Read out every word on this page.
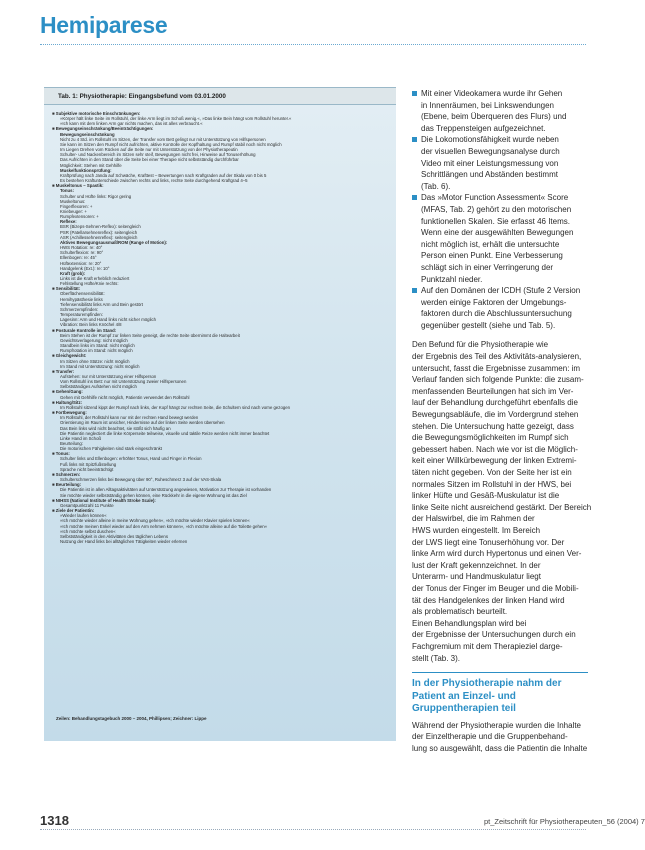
Hemiparese
Tab. 1: Physiotherapie: Eingangsbefund vom 03.01.2000
■ Subjektive motorische Einschränkungen:
»Körper hält linke Seite im Rollstuhl, der linke Arm liegt im Schoß wenig.«, »Das linke Bein hängt vom Rollstuhl herunter.«
»Ich kann mit dem linken Arm gar nichts machen, das ist alles verbraucht.«
■ Bewegungseinschränkung/Beeinträchtigungen:
Bewegungseinschränkung
Nicht zu 4 Std. im Rollstuhl im Sitzen, der Transfer vom Bett gelingt nur mit Unterstützung von Hilfspersonen
Sie kann im Sitzen den Rumpf nicht aufrichten, aktive Kontrolle der Kopfhaltung und Rumpf stabil noch nicht möglich
Im Liegen Drehen vom Rücken auf die Seite nur mit Unterstützung von der Physiotherapeutin
Schulter- und Nackenbereich im Sitzen sehr steif, Bewegungen nicht frei, Hinweise auf Tonuserhöhung
Das Aufrichten in den Stand über die Seite bei einer Therapie nicht selbstständig durchführbar
Möglichkeit: Stehen mit Gehhilfe
Muskelfunktionsprüfung:
Kraftprüfung nach Janda auf Schwäche, Krafttest – Bewertungen nach Kraftgraden auf der Skala von 0 bis 5
Es bestehen Kraftunterschiede zwischen rechts und links, rechte Seite durchgehend Kraftgrad 4–5
■ Muskeltonus – Spastik:
Tonus:
Schulter und Hüfte links: Rigor gering
Muskeltonus:
Fingerflexoren: +
Kniebeuger: +
Rumpfextensoren: +
Reflexe:
BSR (Bizeps-Sehnen-Reflex): seitengleich
PSR (Patellarsehnenreflex): seitengleich
ASR (Achillessehnenreflex): seitengleich
Aktives Bewegungsausmaß/ROM (Range of Motion):
HWS Rotation: re: 40°
Schulterflexion: re: 90°
Ellenbogen: re: 45°
Hüftextension: re: 20°
Handgelenk (Ext.): re: 10°
Kraft (grob):
Links ist die Kraft erheblich reduziert
Fehlstellung Hüfte/Knie rechts:
■ Sensibilität:
Oberflächensensibilität:
Hemihypästhesie links
Tiefensensibilität links Arm und Bein gestört
Schmerzempfinden:
Temperaturempfinden:
Lagesinn: Arm und Hand links nicht sicher möglich
Vibration: Bein links Knöchel 4/8
■ Posturale Kontrolle im Stand:
Beim Stehen ist der Rumpf zur linken Seite geneigt, die rechte Seite übernimmt die Haltearbeit
Gewichtsverlagerung: nicht möglich
Standbein links im Stand: nicht möglich
Rumpfrotation im Stand: nicht möglich
■ Gleichgewicht:
Im Sitzen ohne Stütze: nicht möglich
Im Stand mit Unterstützung: nicht möglich
■ Transfer:
Aufstehen: nur mit Unterstützung einer Hilfsperson
Vom Rollstuhl ins Bett: nur mit Unterstützung zweier Hilfspersonen
Selbstständiges Aufstehen nicht möglich
■ Gehen/Gang:
Gehen mit Gehhilfe nicht möglich, Patientin verwendet den Rollstuhl
■ Haltung/Sitz:
Im Rollstuhl sitzend kippt der Rumpf nach links, der Kopf hängt zur rechten Seite, die Schultern sind nach vorne gezogen
■ Fortbewegung:
Im Rollstuhl, der Rollstuhl kann nur mit der rechten Hand bewegt werden
Orientierung im Raum ist unsicher, Hindernisse auf der linken Seite werden übersehen
Das Bein links wird nicht beachtet, sie stößt sich häufig an
Die Patientin neglectiert die linke Körperseite teilweise, visuelle und taktile Reize werden nicht immer beachtet
Linke Hand im Schoß
Beurteilung:
Die motorischen Fähigkeiten sind stark eingeschränkt
■ Tonus:
Schulter links und Ellenbogen: erhöhter Tonus, Hand und Finger in Flexion
Fuß links mit Spitzfußstellung
Sprache nicht beeinträchtigt
■ Schmerzen:
Schulterschmerzen links bei Bewegung über 90°, Ruheschmerz 3 auf der VAS-Skala
■ Beurteilung:
Die Patientin ist in allen Alltagsaktivitäten auf Unterstützung angewiesen, Motivation zur Therapie ist vorhanden
Sie möchte wieder selbstständig gehen können, eine Rückkehr in die eigene Wohnung ist das Ziel
■ NIHSS (National Institute of Health Stroke Scale):
Gesamtpunktzahl 11 Punkte
■ Ziele der Patientin:
»Wieder laufen können«
»Ich möchte wieder alleine in meine Wohnung gehen«, »Ich möchte wieder Klavier spielen können«
»Ich möchte meinen Enkel wieder auf den Arm nehmen können«, »Ich möchte alleine auf die Toilette gehen«
»Ich möchte selbst duschen«
Selbstständigkeit in den Aktivitäten des täglichen Lebens
Nutzung der Hand links bei alltäglichen Tätigkeiten wieder erlernen
Zeilen: Behandlungstagebuch 2000 – 2004, Phillipsen; Zeichner: Lippe
Mit einer Videokamera wurde ihr Gehen
in Innenräumen, bei Linkswendungen
(Ebene, beim Überqueren des Flurs) und
das Treppensteigen aufgezeichnet.
Die Lokomotionsfähigkeit wurde neben
der visuellen Bewegungsanalyse durch
Video mit einer Leistungsmessung von
Schrittlängen und Abständen bestimmt
(Tab. 6).
Das »Motor Function Assessment« Score
(MFAS, Tab. 2) gehört zu den motorischen
funktionellen Skalen. Sie erfasst 46 Items.
Wenn eine der ausgewählten Bewegungen
nicht möglich ist, erhält die untersuchte
Person einen Punkt. Eine Verbesserung
schlägt sich in einer Verringerung der
Punktzahl nieder.
Auf den Domänen der ICDH (Stufe 2 Version
werden einige Faktoren der Umgebungs-
faktoren durch die Abschlussuntersuchung
gegenüber gestellt (siehe und Tab. 5).

Den Befund für die Physiotherapie wie
der Ergebnis des Teil des Aktivitäts-analysieren,
untersucht, fasst die Ergebnisse zusammen: im
Verlauf fanden sich folgende Punkte: die zusam-
menfassenden Beurteilungen hat sich im Ver-
lauf der Behandlung durchgeführt ebenfalls die
Bewegungsabläufe, die im Vordergrund stehen
stehen. Die Untersuchung hatte gezeigt, dass
die Bewegungsmöglichkeiten im Rumpf sich
gebessert haben. Nach wie vor ist die Möglich-
keit einer Willkürbewegung der linken Extremi-
täten nicht gegeben. Von der Seite her ist ein
normales Sitzen im Rollstuhl in der HWS, bei
linker Hüfte und Gesäß-Muskulatur ist die
linke Seite nicht ausreichend gestärkt. Der Bereich
der Halswirbel, die im Rahmen der
HWS wurden eingestellt. Im Bereich
der LWS liegt eine Tonuserhöhung vor. Der
linke Arm wird durch Hypertonus und einen Ver-
lust der Kraft gekennzeichnet. In der
Unterarm- und Handmuskulatur liegt
der Tonus der Finger im Beuger und die Mobili-
tät des Handgelenkes der linken Hand wird
als problematisch beurteilt.
Einen Behandlungsplan wird bei
der Ergebnisse der Untersuchungen durch ein
Fachgremium mit dem Therapieziel darge-
stellt (Tab. 3).

In der Physiotherapie nahm der Patient an Einzel- und Gruppentherapien teil

Während der Physiotherapie wurden die Inhalte
der Einzeltherapie und die Gruppenbehand-
lung so ausgewählt, dass die Patientin die Inhalte

1318	pt_Zeitschrift für Physiotherapeuten_56 (2004) 7
